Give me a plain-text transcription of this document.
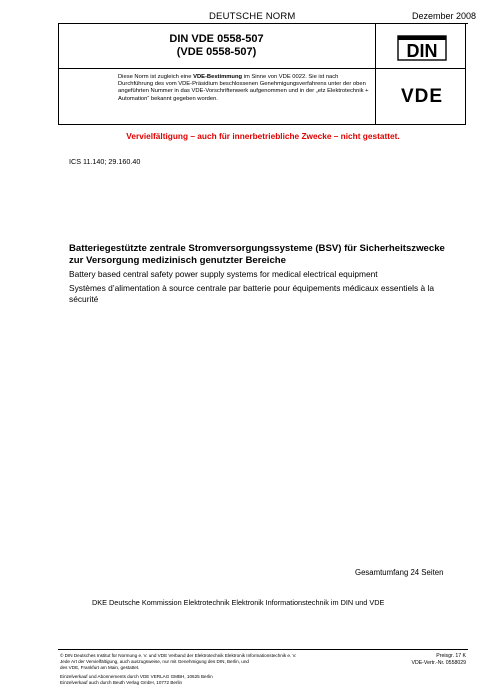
DEUTSCHE NORM	Dezember 2008
DIN VDE 0558-507
(VDE 0558-507)
Diese Norm ist zugleich eine VDE-Bestimmung im Sinne von VDE 0022. Sie ist nach Durchführung des vom VDE-Präsidium beschlossenen Genehmigungsverfahrens unter der oben angeführten Nummer in das VDE-Vorschriftenwerk aufgenommen und in der „etz Elektrotechnik + Automation“ bekannt gegeben worden.
DIN
VDE
Vervielfältigung – auch für innerbetriebliche Zwecke – nicht gestattet.
ICS 11.140; 29.160.40
Batteriegestützte zentrale Stromversorgungssysteme (BSV) für Sicherheitszwecke zur Versorgung medizinisch genutzter Bereiche
Battery based central safety power supply systems for medical electrical equipment
Systèmes d’alimentation à source centrale par batterie pour équipements médicaux essentiels à la sécurité
Gesamtumfang 24 Seiten
DKE Deutsche Kommission Elektrotechnik Elektronik Informationstechnik im DIN und VDE
© DIN Deutsches Institut für Normung e. V. und VDE Verband der Elektrotechnik Elektronik Informationstechnik e. V.
Jede Art der Vervielfältigung, auch auszugsweise, nur mit Genehmigung des DIN, Berlin, und
des VDE, Frankfurt am Main, gestattet.
Preisgr. 17 K
VDE-Vertr.-Nr. 0558029
Einzelverkauf und Abonnements durch VDE VERLAG GMBH, 10625 Berlin
Einzelverkauf auch durch Beuth Verlag GmbH, 10772 Berlin
